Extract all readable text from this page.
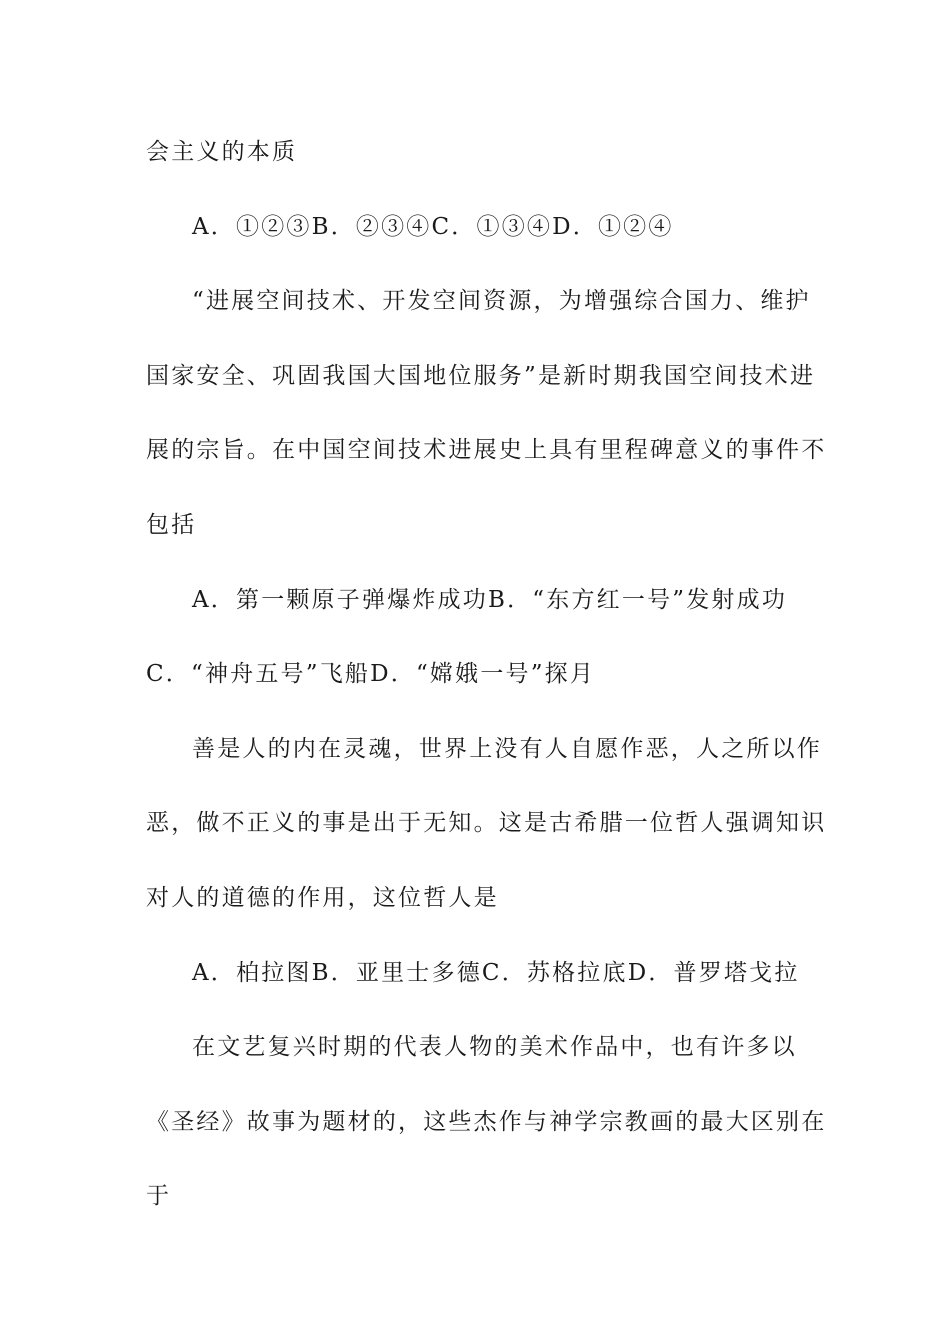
会主义的本质

A．①②③B．②③④C．①③④D．①②④

“进展空间技术、开发空间资源，为增强综合国力、维护

国家安全、巩固我国大国地位服务”是新时期我国空间技术进

展的宗旨。在中国空间技术进展史上具有里程碑意义的事件不

包括

A．第一颗原子弹爆炸成功B．“东方红一号”发射成功

C．“神舟五号”飞船D．“嫦娥一号”探月

善是人的内在灵魂，世界上没有人自愿作恶，人之所以作

恶，做不正义的事是出于无知。这是古希腊一位哲人强调知识

对人的道德的作用，这位哲人是

A．柏拉图B．亚里士多德C．苏格拉底D．普罗塔戈拉

在文艺复兴时期的代表人物的美术作品中，也有许多以

《圣经》故事为题材的，这些杰作与神学宗教画的最大区别在

于
